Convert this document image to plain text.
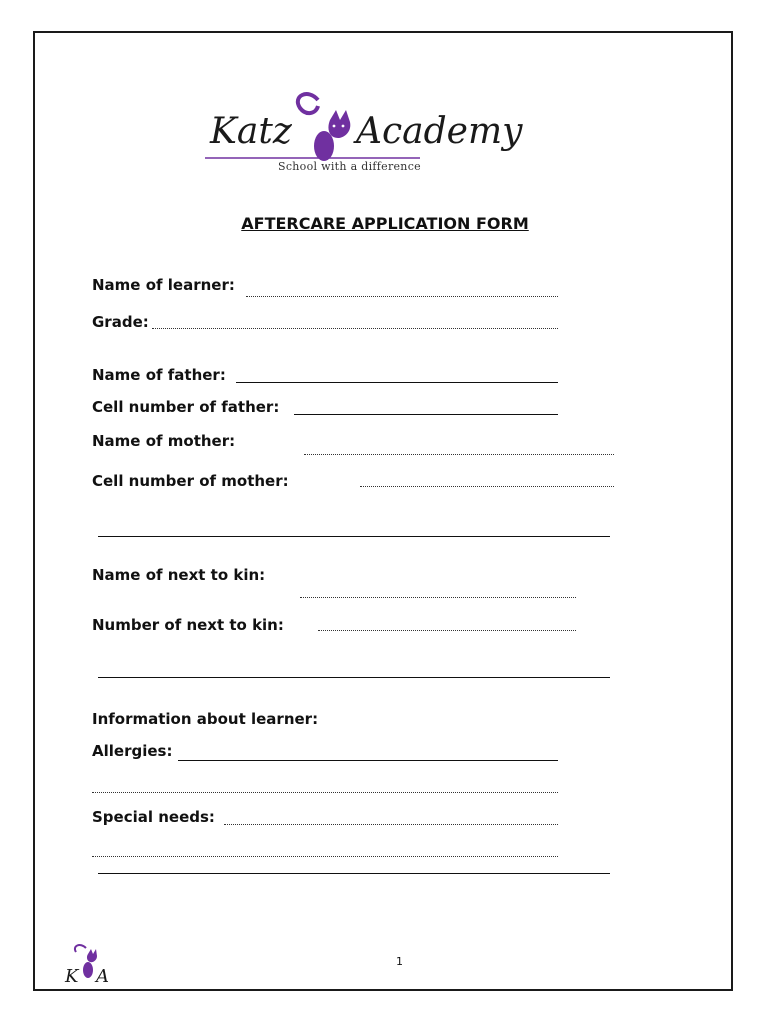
Katz Academy
School with a difference
AFTERCARE APPLICATION FORM
Name of learner:
Grade:
Name of father:
Cell number of father:
Name of mother:
Cell number of mother:
Name of next to kin:
Number of next to kin:
Information about learner:
Allergies:
Special needs:
K A
1
